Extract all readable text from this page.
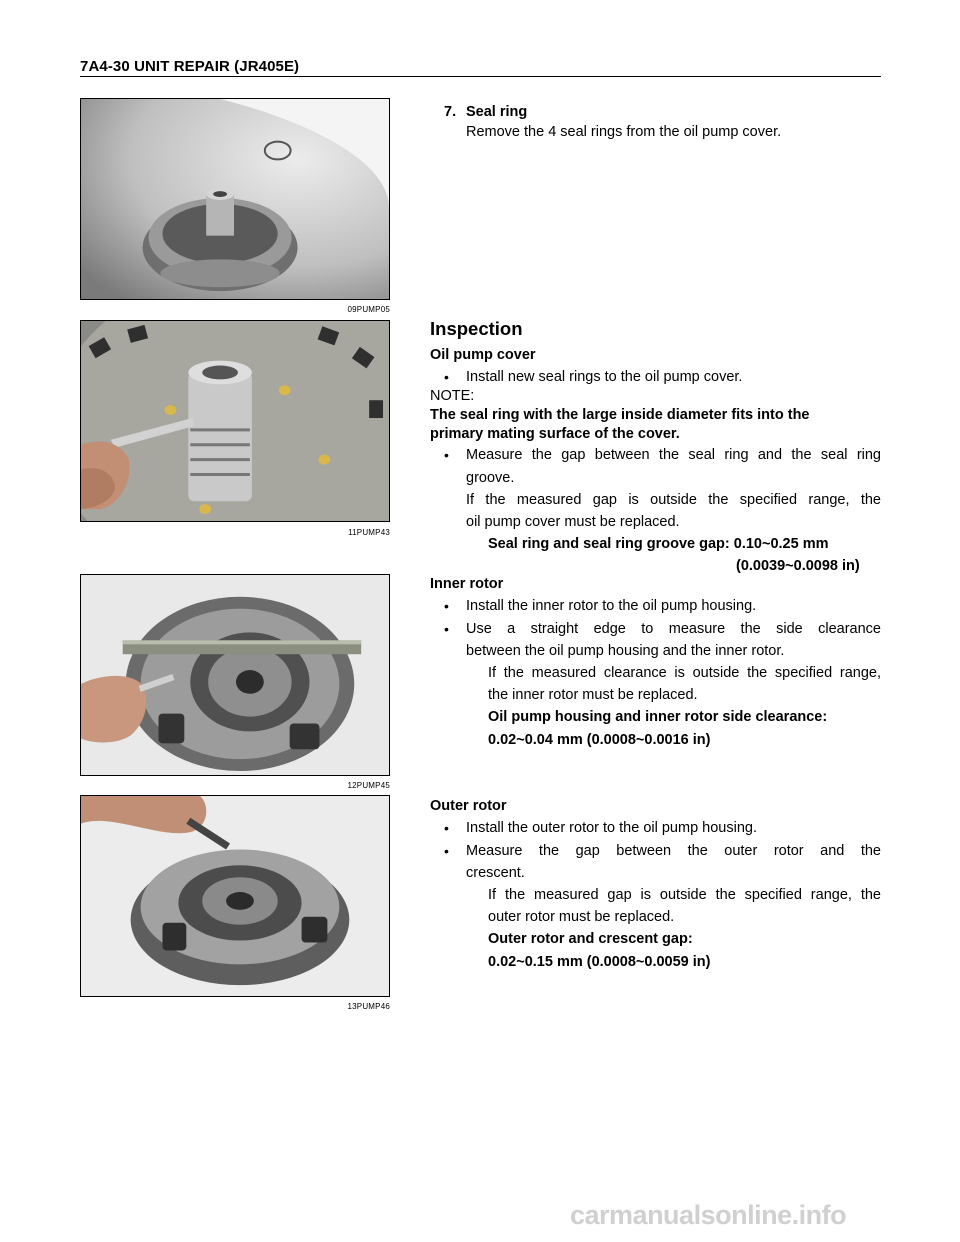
7A4-30 UNIT REPAIR (JR405E)
09PUMP05
11PUMP43
12PUMP45
13PUMP46
7. Seal ring
Remove the 4 seal rings from the oil pump cover.
Inspection
Oil pump cover
• Install new seal rings to the oil pump cover.
NOTE:
The seal ring with the large inside diameter fits into the
primary mating surface of the cover.
• Measure the gap between the seal ring and the seal ring
groove.
If the measured gap is outside the specified range, the
oil pump cover must be replaced.
Seal ring and seal ring groove gap: 0.10~0.25 mm
(0.0039~0.0098 in)
Inner rotor
• Install the inner rotor to the oil pump housing.
• Use a straight edge to measure the side clearance
between the oil pump housing and the inner rotor.
If the measured clearance is outside the specified range,
the inner rotor must be replaced.
Oil pump housing and inner rotor side clearance:
0.02~0.04 mm (0.0008~0.0016 in)
Outer rotor
• Install the outer rotor to the oil pump housing.
• Measure the gap between the outer rotor and the
crescent.
If the measured gap is outside the specified range, the
outer rotor must be replaced.
Outer rotor and crescent gap:
0.02~0.15 mm (0.0008~0.0059 in)
carmanualsonline.info
